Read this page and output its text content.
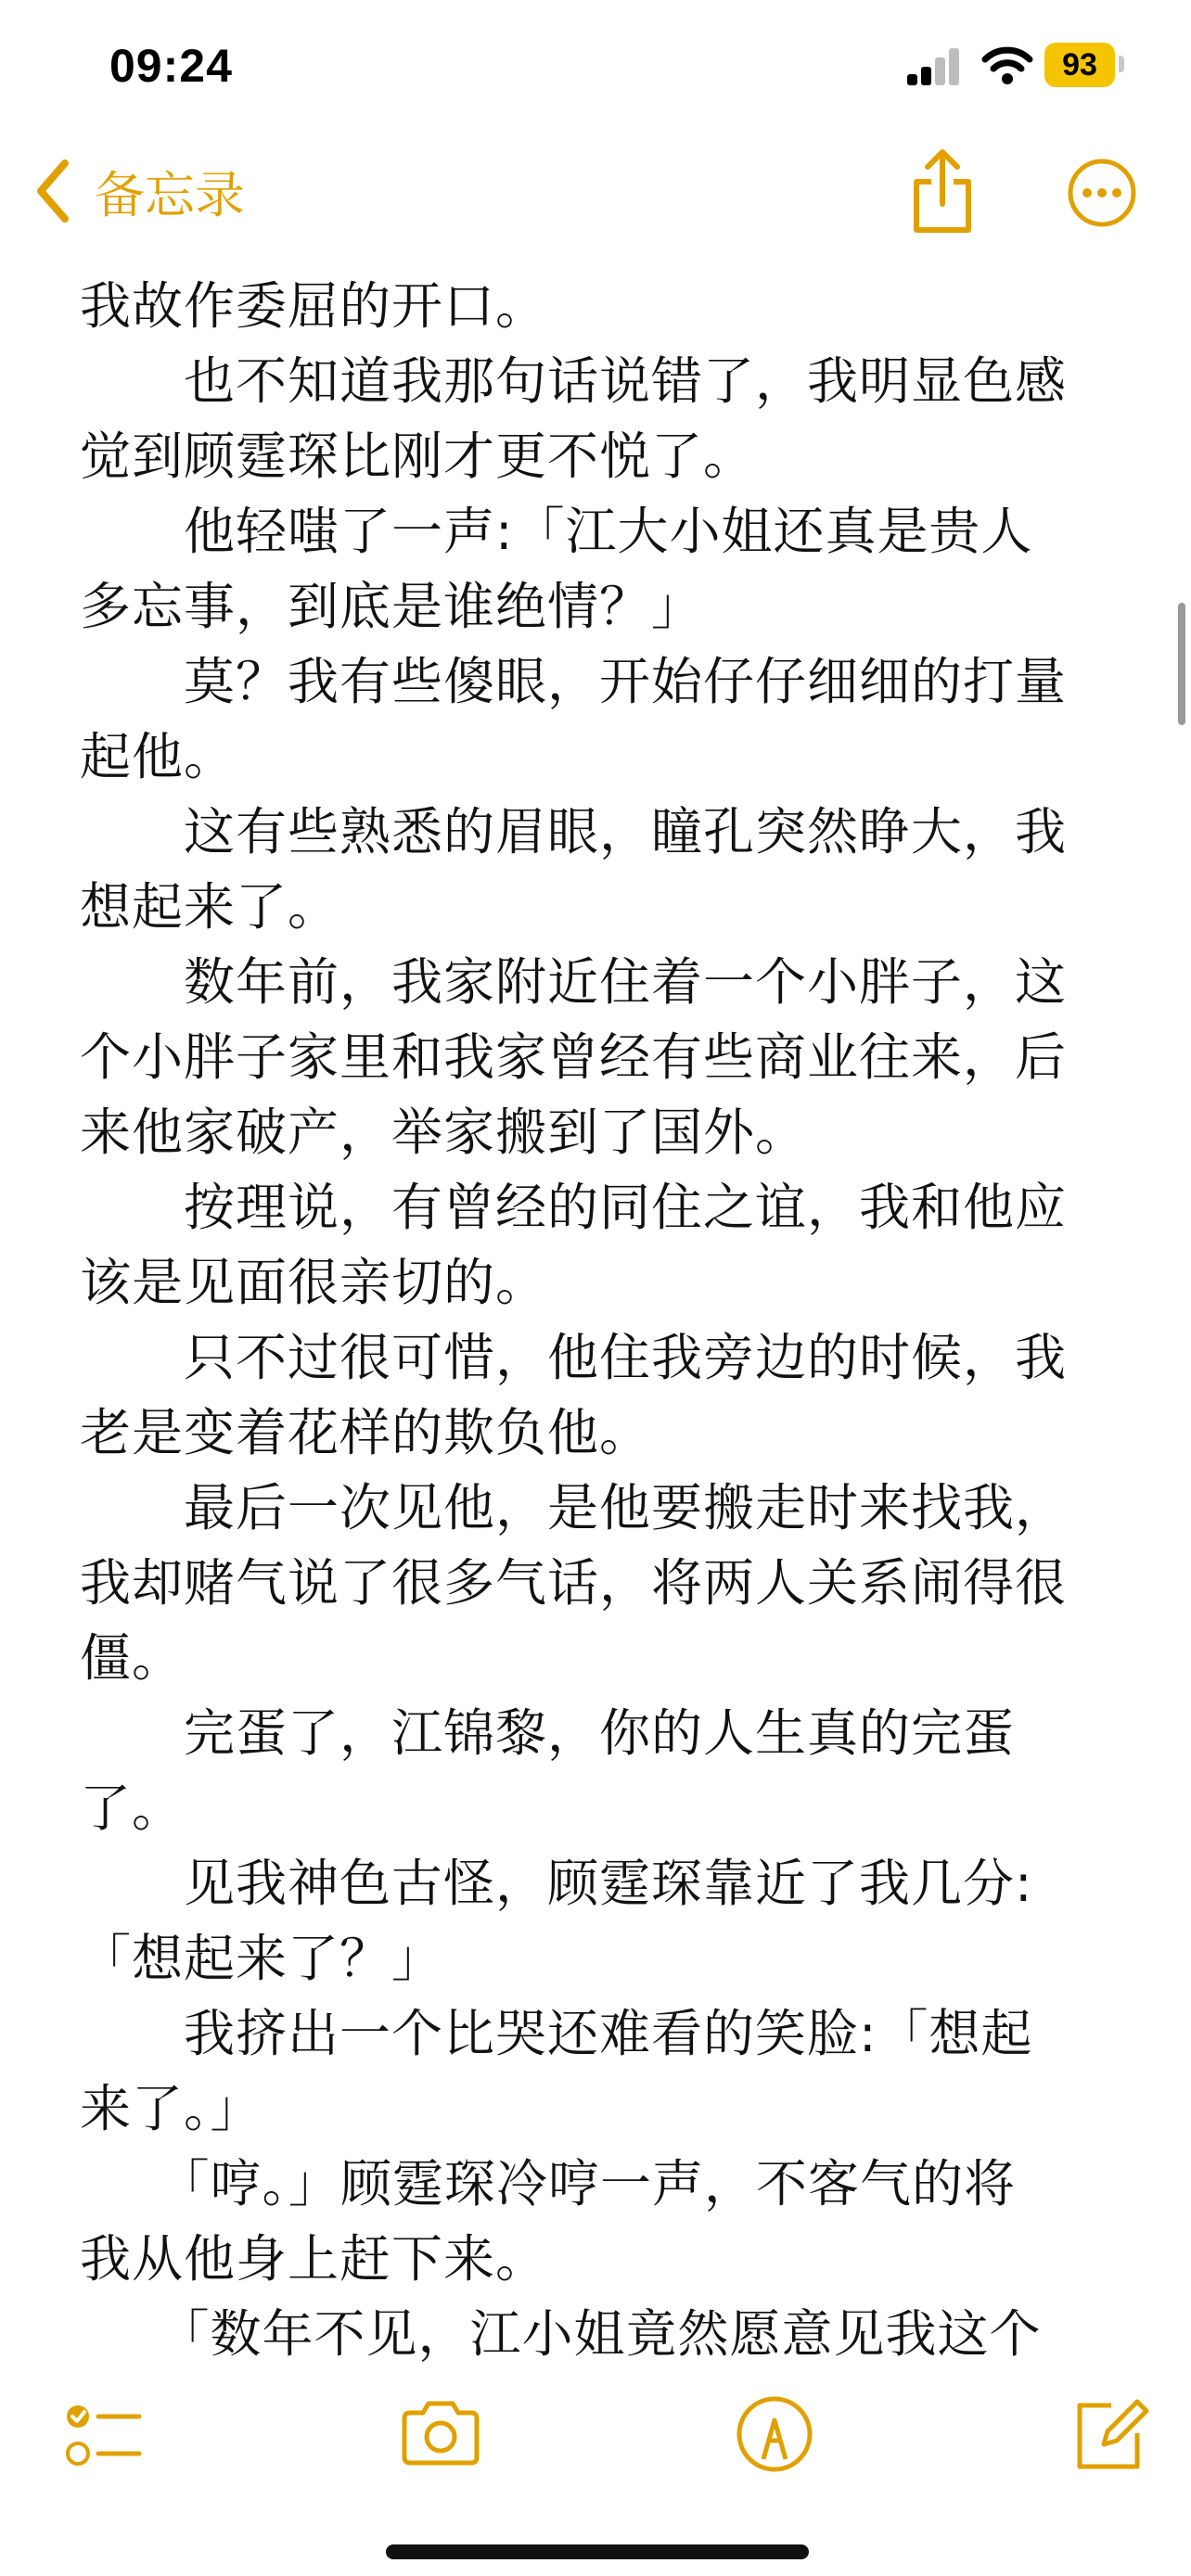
09:24	93
备忘录
我故作委屈的开口。
　　也不知道我那句话说错了，我明显色感
觉到顾霆琛比刚才更不悦了。
　　他轻嗤了一声:「江大小姐还真是贵人
多忘事，到底是谁绝情？」
　　莫？我有些傻眼，开始仔仔细细的打量
起他。
　　这有些熟悉的眉眼，瞳孔突然睁大，我
想起来了。
　　数年前，我家附近住着一个小胖子，这
个小胖子家里和我家曾经有些商业往来，后
来他家破产，举家搬到了国外。
　　按理说，有曾经的同住之谊，我和他应
该是见面很亲切的。
　　只不过很可惜，他住我旁边的时候，我
老是变着花样的欺负他。
　　最后一次见他，是他要搬走时来找我，
我却赌气说了很多气话，将两人关系闹得很
僵。
　　完蛋了，江锦黎，你的人生真的完蛋
了。
　　见我神色古怪，顾霆琛靠近了我几分:
「想起来了？」
　　我挤出一个比哭还难看的笑脸:「想起
来了。」
　　「哼。」顾霆琛冷哼一声，不客气的将
我从他身上赶下来。
　　「数年不见，江小姐竟然愿意见我这个
